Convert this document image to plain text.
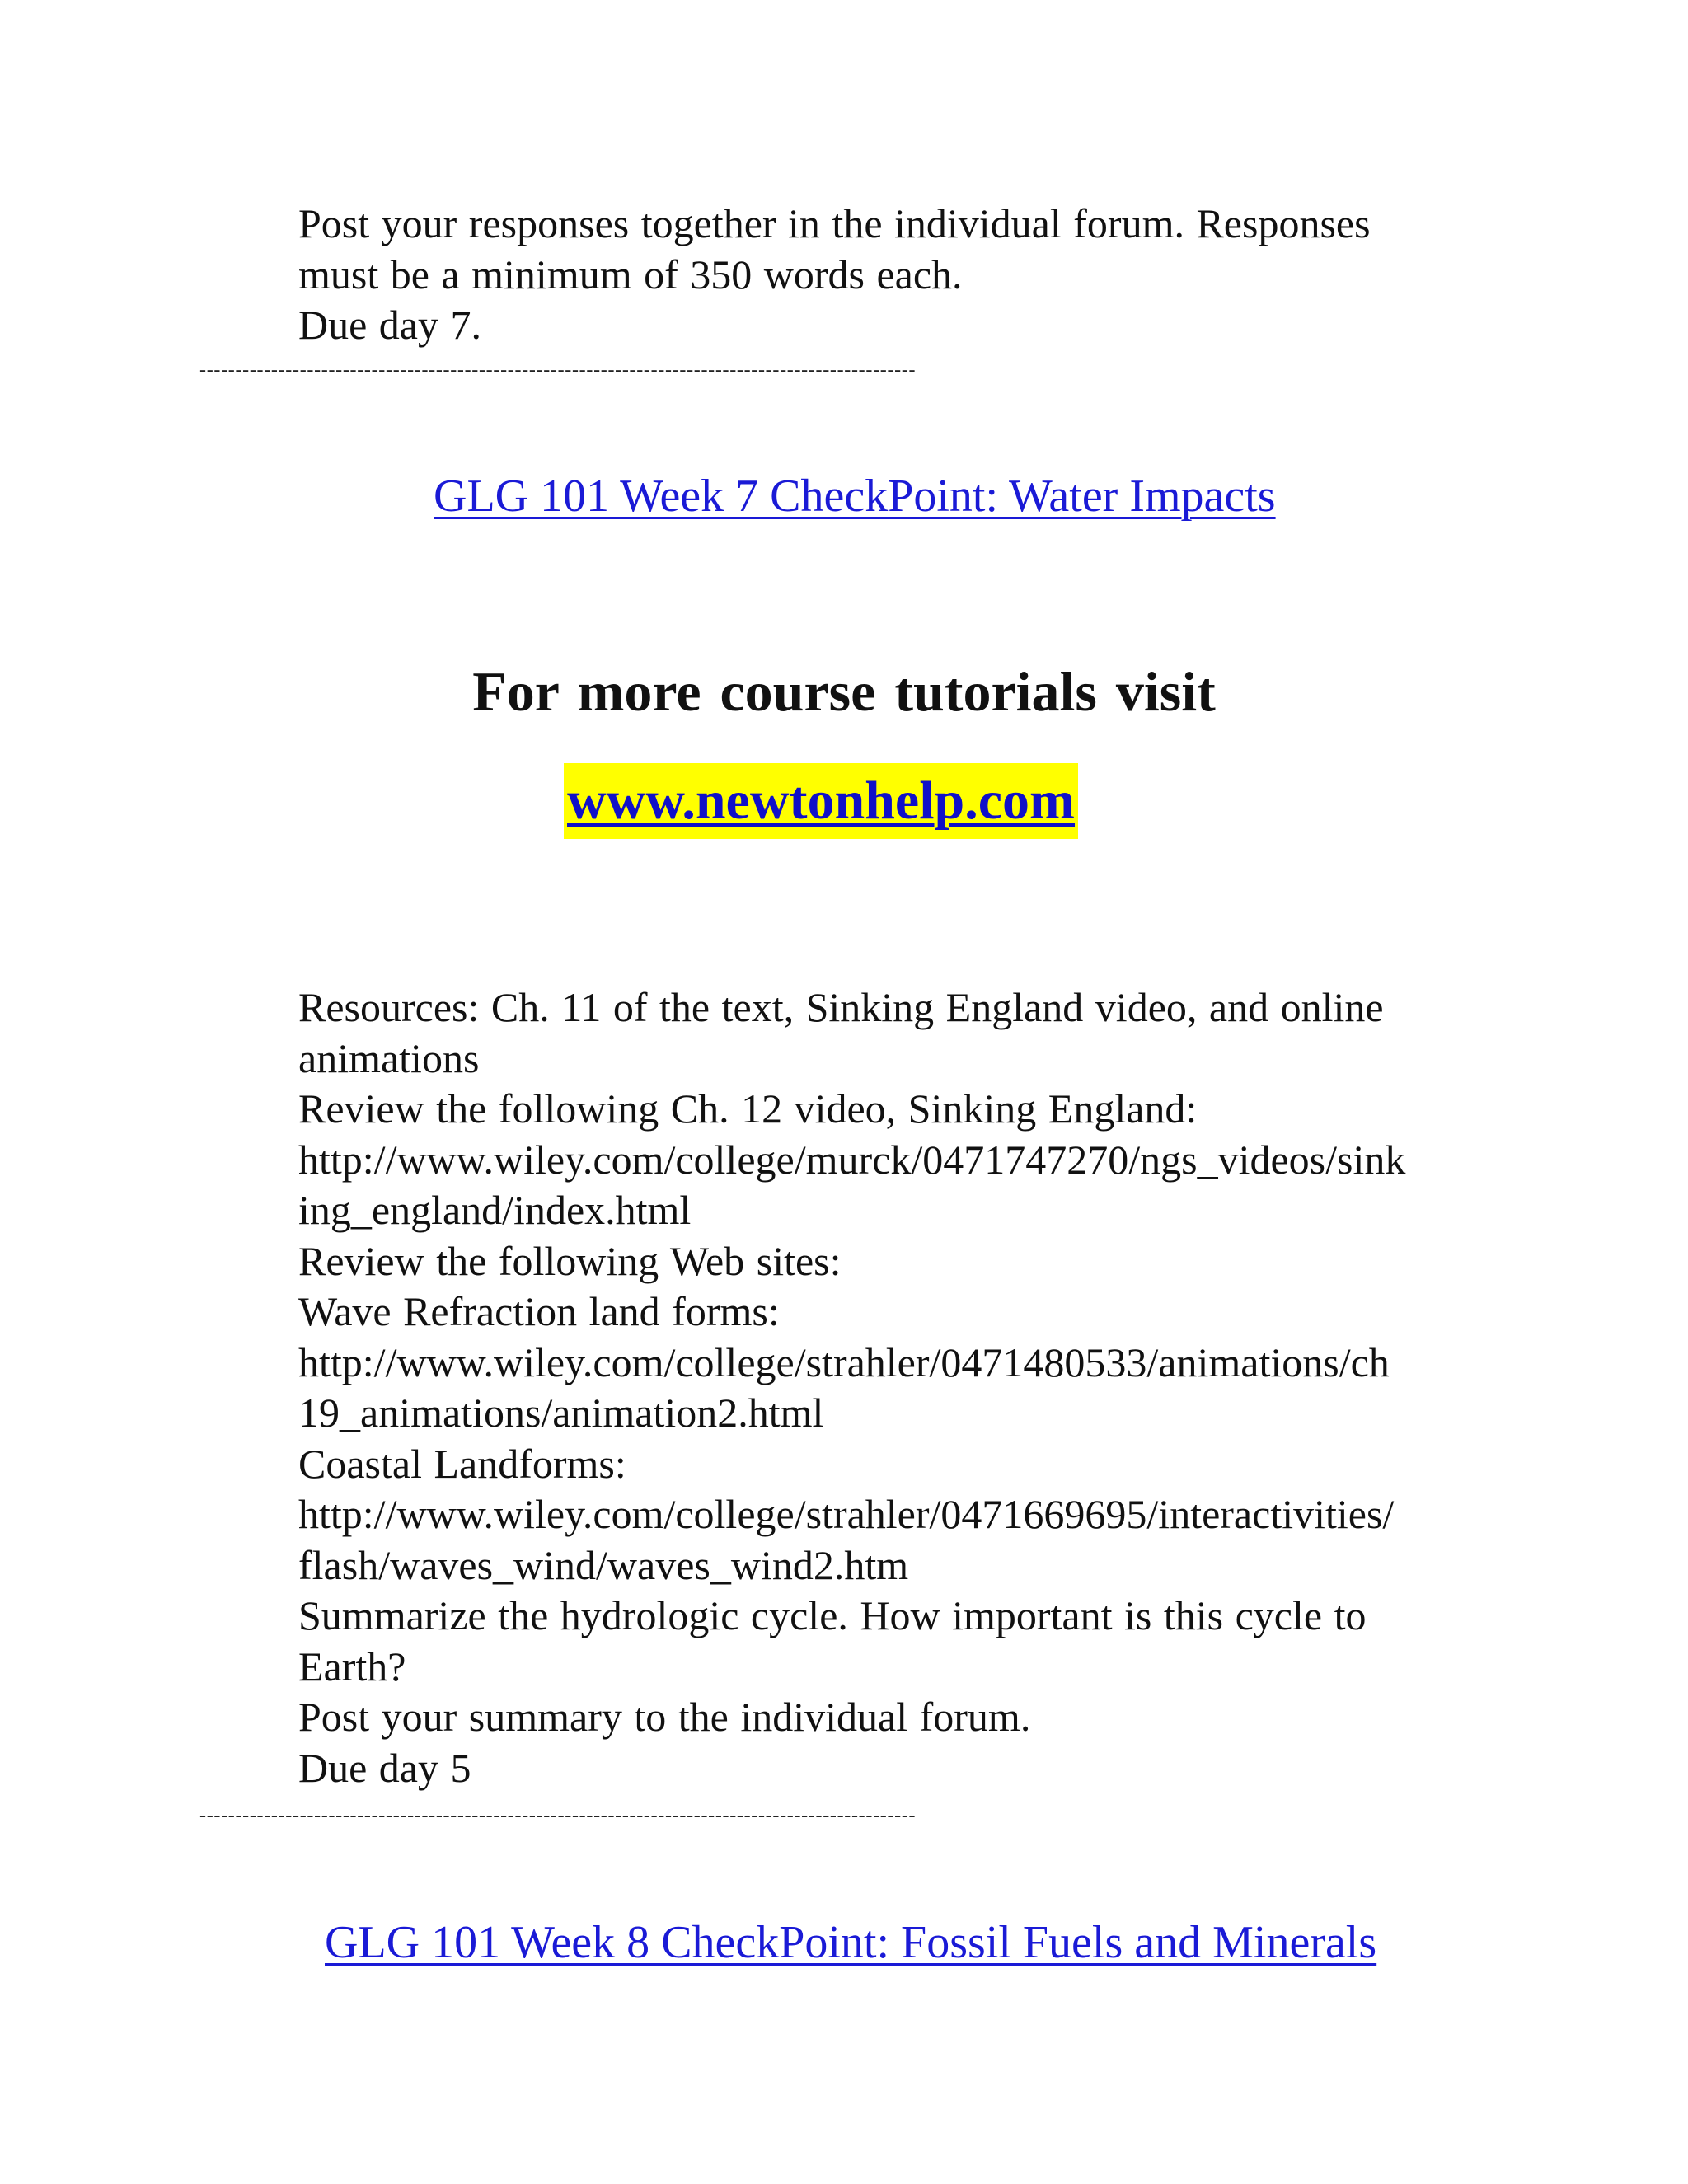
Post your responses together in the individual forum. Responses
must be a minimum of 350 words each.
Due day 7.
----------------------------------------------------------------------------------------------------
GLG 101 Week 7 CheckPoint: Water Impacts
For more course tutorials visit
www.newtonhelp.com
Resources: Ch. 11 of the text, Sinking England video, and online
animations
Review the following Ch. 12 video, Sinking England:
http://www.wiley.com/college/murck/0471747270/ngs_videos/sink
ing_england/index.html
Review the following Web sites:
Wave Refraction land forms:
http://www.wiley.com/college/strahler/0471480533/animations/ch
19_animations/animation2.html
Coastal Landforms:
http://www.wiley.com/college/strahler/0471669695/interactivities/
flash/waves_wind/waves_wind2.htm
Summarize the hydrologic cycle. How important is this cycle to
Earth?
Post your summary to the individual forum.
Due day 5
----------------------------------------------------------------------------------------------------
GLG 101 Week 8 CheckPoint: Fossil Fuels and Minerals
